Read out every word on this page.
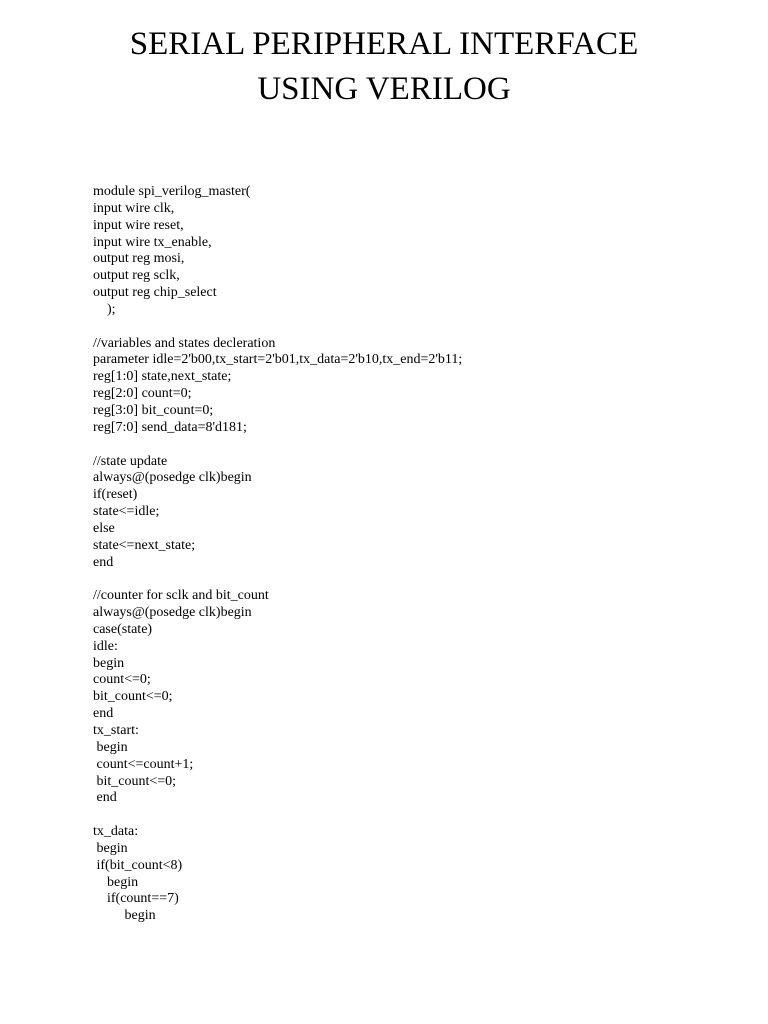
SERIAL PERIPHERAL INTERFACE
USING VERILOG
module spi_verilog_master(
input wire clk,
input wire reset,
input wire tx_enable,
output reg mosi,
output reg sclk,
output reg chip_select
);
//variables and states decleration
parameter idle=2'b00,tx_start=2'b01,tx_data=2'b10,tx_end=2'b11;
reg[1:0] state,next_state;
reg[2:0] count=0;
reg[3:0] bit_count=0;
reg[7:0] send_data=8'd181;
//state update
always@(posedge clk)begin
if(reset)
state<=idle;
else
state<=next_state;
end
//counter for sclk and bit_count
always@(posedge clk)begin
case(state)
idle:
begin
count<=0;
bit_count<=0;
end
tx_start:
begin
count<=count+1;
bit_count<=0;
end
tx_data:
begin
if(bit_count<8)
begin
if(count==7)
begin
